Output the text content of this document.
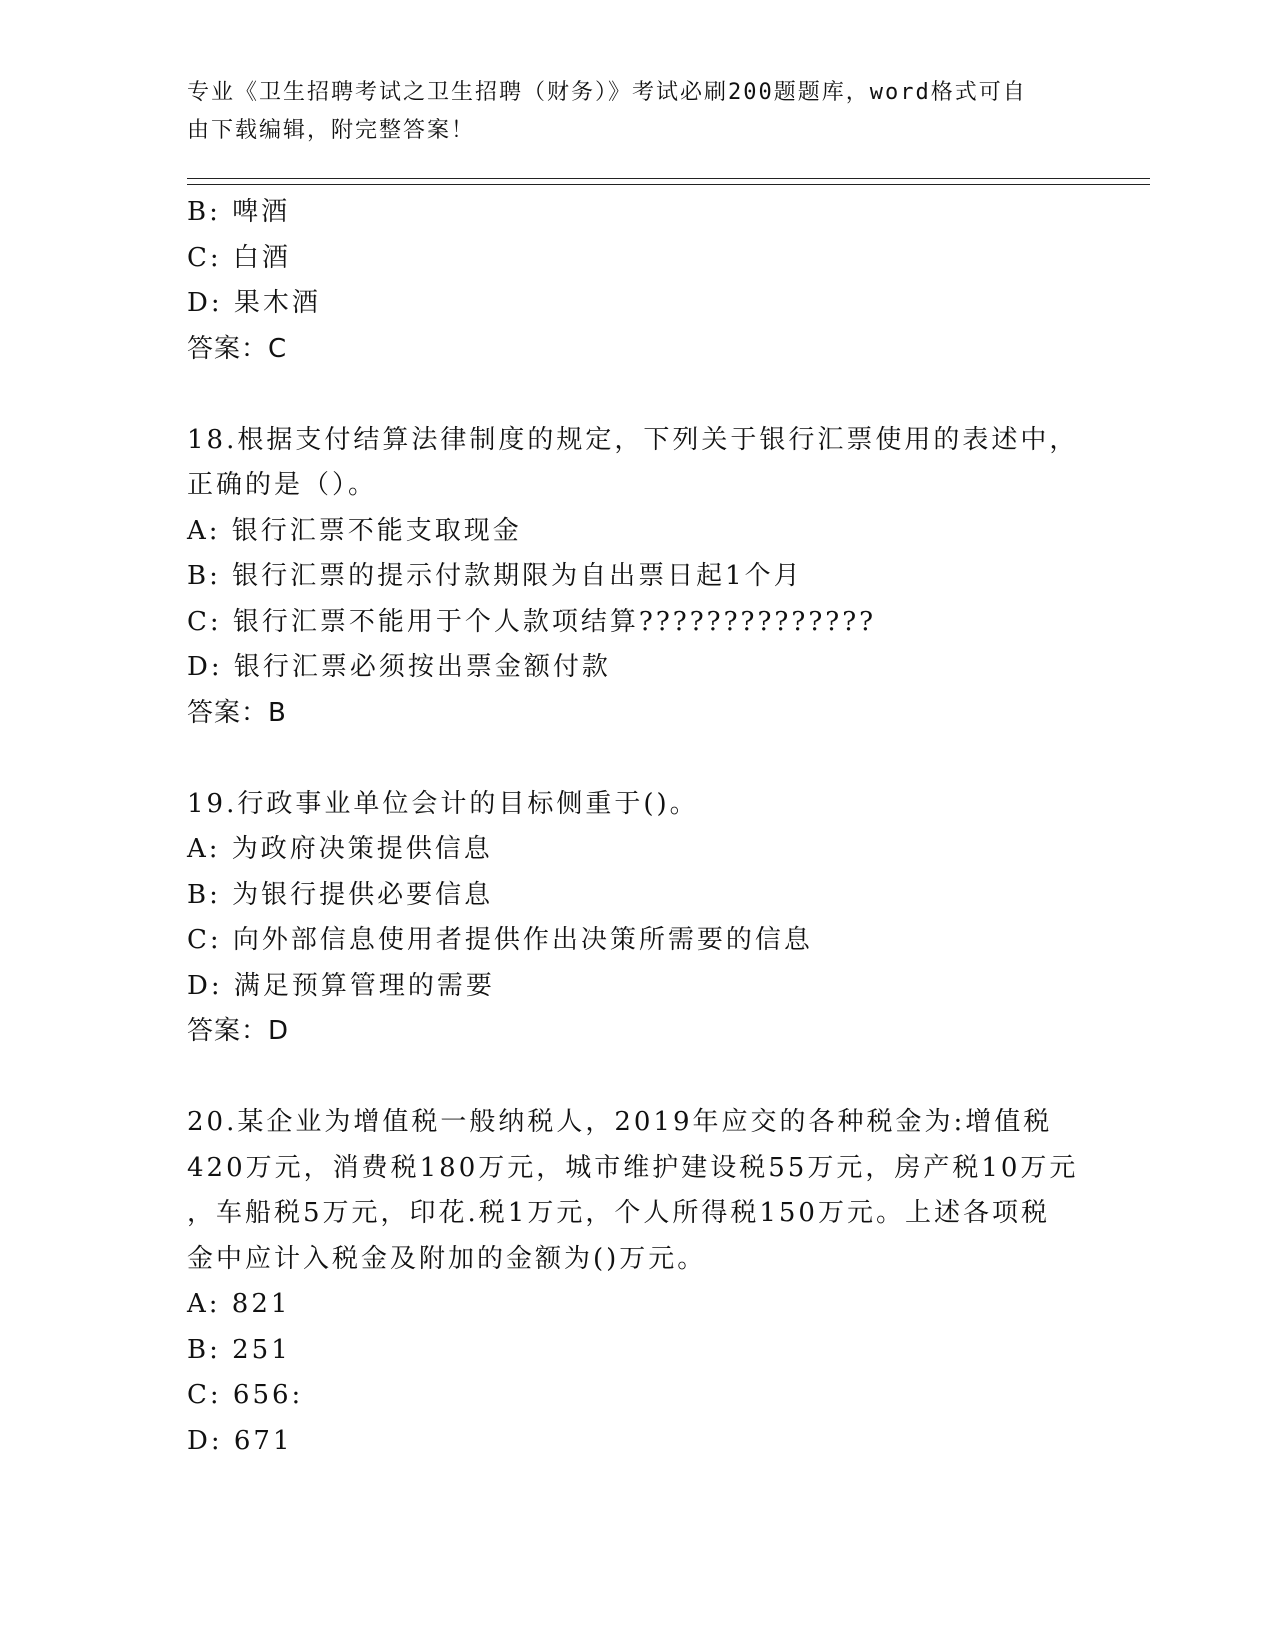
专业《卫生招聘考试之卫生招聘（财务）》考试必刷200题题库，word格式可自
由下载编辑，附完整答案！
B: 啤酒
C: 白酒
D: 果木酒
答案：C
18.根据支付结算法律制度的规定，下列关于银行汇票使用的表述中，
正确的是（）。
A: 银行汇票不能支取现金
B: 银行汇票的提示付款期限为自出票日起1个月
C: 银行汇票不能用于个人款项结算??????????????
D: 银行汇票必须按出票金额付款
答案：B
19.行政事业单位会计的目标侧重于()。
A: 为政府决策提供信息
B: 为银行提供必要信息
C: 向外部信息使用者提供作出决策所需要的信息
D: 满足预算管理的需要
答案：D
20.某企业为增值税一般纳税人，2019年应交的各种税金为:增值税
420万元，消费税180万元，城市维护建设税55万元，房产税10万元
，车船税5万元，印花.税1万元，个人所得税150万元。上述各项税
金中应计入税金及附加的金额为()万元。
A: 821
B: 251
C: 656:
D: 671
